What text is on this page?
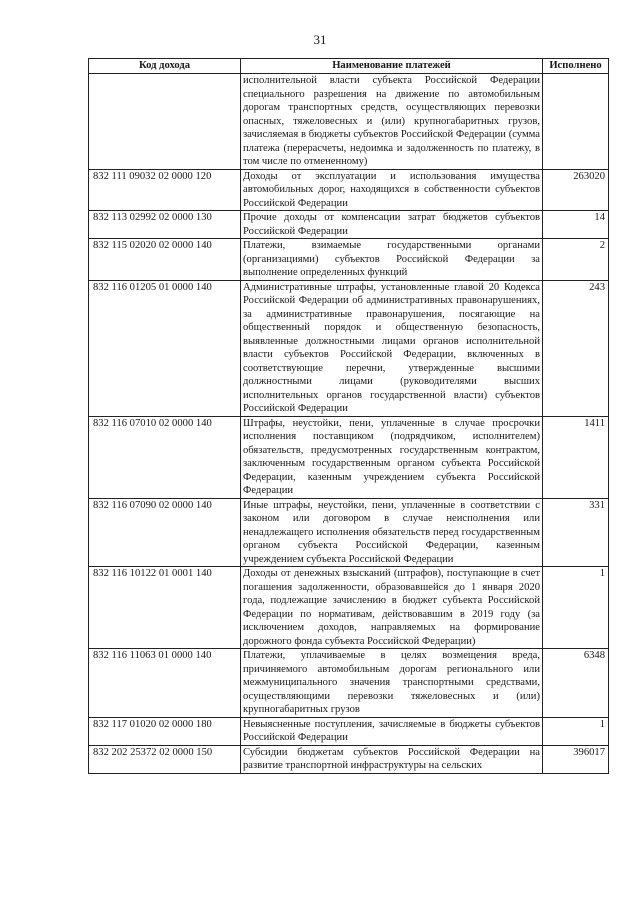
31
Код дохода	Наименование платежей	Исполнено
	исполнительной власти субъекта Российской Федерации специального разрешения на движение по автомобильным дорогам транспортных средств, осуществляющих перевозки опасных, тяжеловесных и (или) крупногабаритных грузов, зачисляемая в бюджеты субъектов Российской Федерации (сумма платежа (перерасчеты, недоимка и задолженность по платежу, в том числе по отмененному)	
832 111 09032 02 0000 120	Доходы от эксплуатации и использования имущества автомобильных дорог, находящихся в собственности субъектов Российской Федерации	263020
832 113 02992 02 0000 130	Прочие доходы от компенсации затрат бюджетов субъектов Российской Федерации	14
832 115 02020 02 0000 140	Платежи, взимаемые государственными органами (организациями) субъектов Российской Федерации за выполнение определенных функций	2
832 116 01205 01 0000 140	Административные штрафы, установленные главой 20 Кодекса Российской Федерации об административных правонарушениях, за административные правонарушения, посягающие на общественный порядок и общественную безопасность, выявленные должностными лицами органов исполнительной власти субъектов Российской Федерации, включенных в соответствующие перечни, утвержденные высшими должностными лицами (руководителями высших исполнительных органов государственной власти) субъектов Российской Федерации	243
832 116 07010 02 0000 140	Штрафы, неустойки, пени, уплаченные в случае просрочки исполнения поставщиком (подрядчиком, исполнителем) обязательств, предусмотренных государственным контрактом, заключенным государственным органом субъекта Российской Федерации, казенным учреждением субъекта Российской Федерации	1411
832 116 07090 02 0000 140	Иные штрафы, неустойки, пени, уплаченные в соответствии с законом или договором в случае неисполнения или ненадлежащего исполнения обязательств перед государственным органом субъекта Российской Федерации, казенным учреждением субъекта Российской Федерации	331
832 116 10122 01 0001 140	Доходы от денежных взысканий (штрафов), поступающие в счет погашения задолженности, образовавшейся до 1 января 2020 года, подлежащие зачислению в бюджет субъекта Российской Федерации по нормативам, действовавшим в 2019 году (за исключением доходов, направляемых на формирование дорожного фонда субъекта Российской Федерации)	1
832 116 11063 01 0000 140	Платежи, уплачиваемые в целях возмещения вреда, причиняемого автомобильным дорогам регионального или межмуниципального значения транспортными средствами, осуществляющими перевозки тяжеловесных и (или) крупногабаритных грузов	6348
832 117 01020 02 0000 180	Невыясненные поступления, зачисляемые в бюджеты субъектов Российской Федерации	1
832 202 25372 02 0000 150	Субсидии бюджетам субъектов Российской Федерации на развитие транспортной инфраструктуры на сельских	396017
